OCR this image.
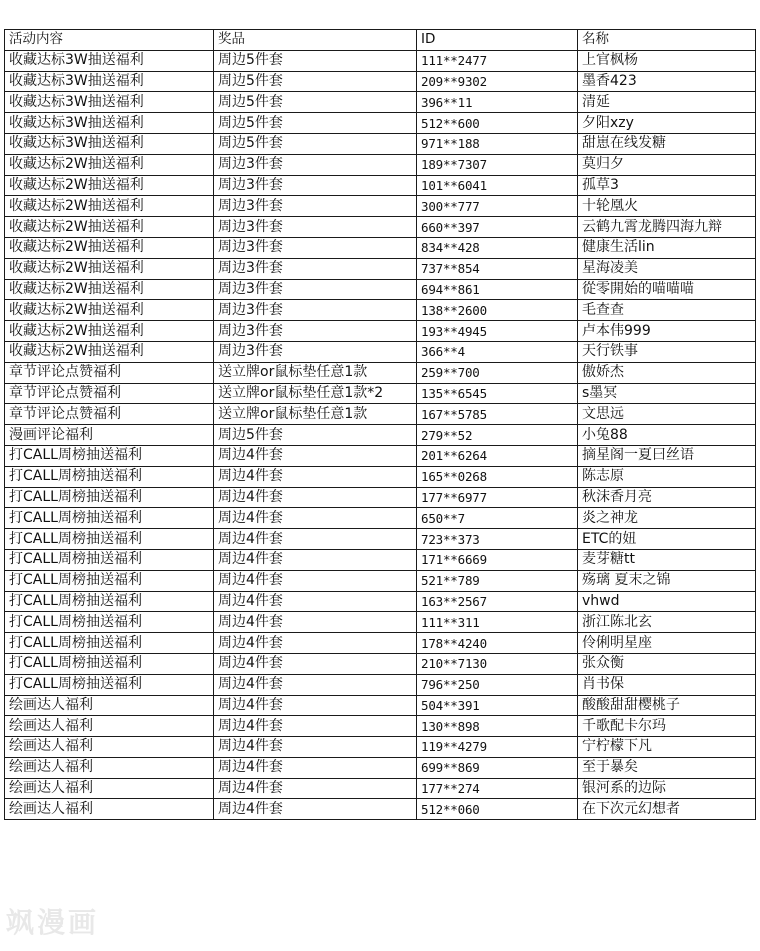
活动内容	奖品	ID	名称
收藏达标3W抽送福利	周边5件套	111**2477	上官枫杨
收藏达标3W抽送福利	周边5件套	209**9302	墨香423
收藏达标3W抽送福利	周边5件套	396**11	清延
收藏达标3W抽送福利	周边5件套	512**600	夕阳xzy
收藏达标3W抽送福利	周边5件套	971**188	甜崽在线发糖
收藏达标2W抽送福利	周边3件套	189**7307	莫归夕
收藏达标2W抽送福利	周边3件套	101**6041	孤草3
收藏达标2W抽送福利	周边3件套	300**777	十轮凰火
收藏达标2W抽送福利	周边3件套	660**397	云鹤九霄龙腾四海九辩
收藏达标2W抽送福利	周边3件套	834**428	健康生活lin
收藏达标2W抽送福利	周边3件套	737**854	星海凌美
收藏达标2W抽送福利	周边3件套	694**861	從零開始的喵喵喵
收藏达标2W抽送福利	周边3件套	138**2600	毛查查
收藏达标2W抽送福利	周边3件套	193**4945	卢本伟999
收藏达标2W抽送福利	周边3件套	366**4	天行铁事
章节评论点赞福利	送立牌or鼠标垫任意1款	259**700	傲娇杰
章节评论点赞福利	送立牌or鼠标垫任意1款*2	135**6545	s墨冥
章节评论点赞福利	送立牌or鼠标垫任意1款	167**5785	文思远
漫画评论福利	周边5件套	279**52	小兔88
打CALL周榜抽送福利	周边4件套	201**6264	摘星阁一夏曰丝语
打CALL周榜抽送福利	周边4件套	165**0268	陈志原
打CALL周榜抽送福利	周边4件套	177**6977	秋沫香月亮
打CALL周榜抽送福利	周边4件套	650**7	炎之神龙
打CALL周榜抽送福利	周边4件套	723**373	ETC的妞
打CALL周榜抽送福利	周边4件套	171**6669	麦芽糖tt
打CALL周榜抽送福利	周边4件套	521**789	殇璃 夏末之锦
打CALL周榜抽送福利	周边4件套	163**2567	vhwd
打CALL周榜抽送福利	周边4件套	111**311	浙江陈北玄
打CALL周榜抽送福利	周边4件套	178**4240	伶俐明星座
打CALL周榜抽送福利	周边4件套	210**7130	张众衡
打CALL周榜抽送福利	周边4件套	796**250	肖书保
绘画达人福利	周边4件套	504**391	酸酸甜甜樱桃子
绘画达人福利	周边4件套	130**898	千歌配卡尔玛
绘画达人福利	周边4件套	119**4279	宁柠檬下凡
绘画达人福利	周边4件套	699**869	至于暴矣
绘画达人福利	周边4件套	177**274	银河系的边际
绘画达人福利	周边4件套	512**060	在下次元幻想者
飒漫画
